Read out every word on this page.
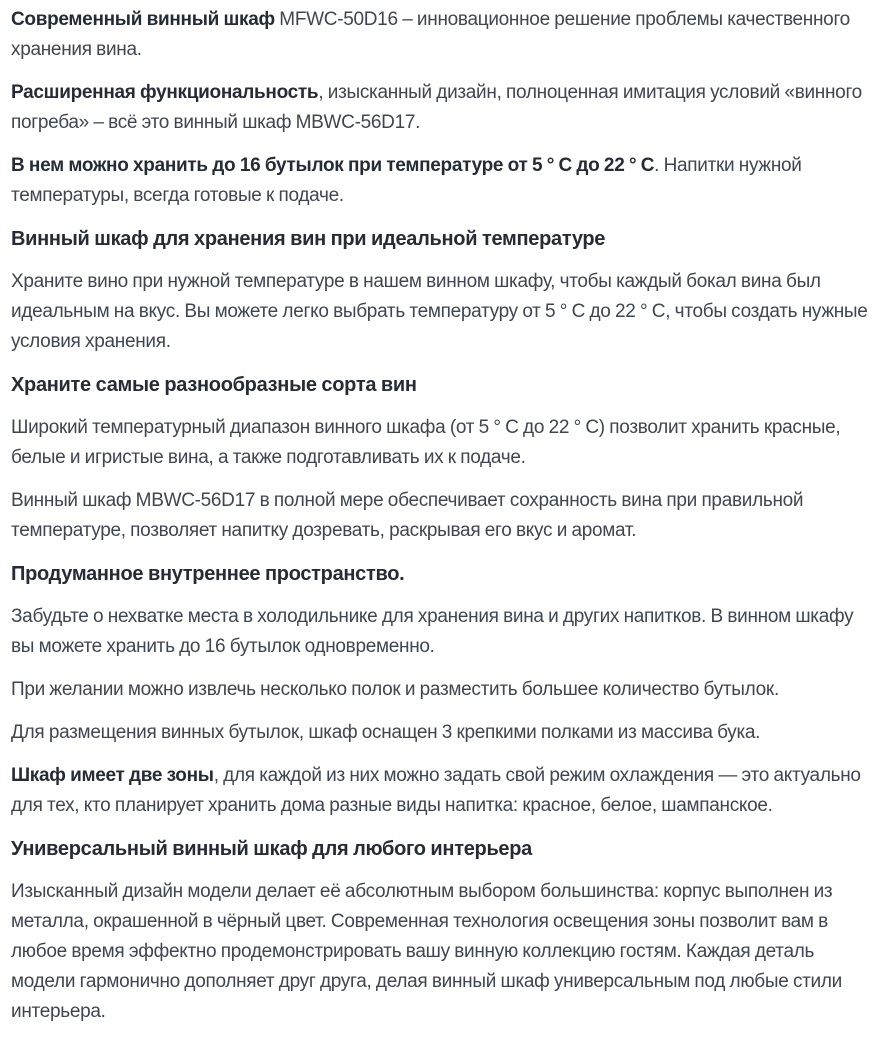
Современный винный шкаф MFWC-50D16 – инновационное решение проблемы качественного хранения вина.

Расширенная функциональность, изысканный дизайн, полноценная имитация условий «винного погреба» – всё это винный шкаф MBWC-56D17.

В нем можно хранить до 16 бутылок при температуре от 5 ° С до 22 ° С. Напитки нужной температуры, всегда готовые к подаче.

Винный шкаф для хранения вин при идеальной температуре

Храните вино при нужной температуре в нашем винном шкафу, чтобы каждый бокал вина был идеальным на вкус. Вы можете легко выбрать температуру от 5 ° С до 22 ° С, чтобы создать нужные условия хранения.

Храните самые разнообразные сорта вин

Широкий температурный диапазон винного шкафа (от 5 ° С до 22 ° С) позволит хранить красные, белые и игристые вина, а также подготавливать их к подаче.

Винный шкаф MBWC-56D17 в полной мере обеспечивает сохранность вина при правильной температуре, позволяет напитку дозревать, раскрывая его вкус и аромат.

Продуманное внутреннее пространство.

Забудьте о нехватке места в холодильнике для хранения вина и других напитков. В винном шкафу вы можете хранить до 16 бутылок одновременно.

При желании можно извлечь несколько полок и разместить большее количество бутылок.

Для размещения винных бутылок, шкаф оснащен 3 крепкими полками из массива бука.

Шкаф имеет две зоны, для каждой из них можно задать свой режим охлаждения — это актуально для тех, кто планирует хранить дома разные виды напитка: красное, белое, шампанское.

Универсальный винный шкаф для любого интерьера

Изысканный дизайн модели делает её абсолютным выбором большинства: корпус выполнен из металла, окрашенной в чёрный цвет. Современная технология освещения зоны позволит вам в любое время эффектно продемонстрировать вашу винную коллекцию гостям. Каждая деталь модели гармонично дополняет друг друга, делая винный шкаф универсальным под любые стили интерьера.
